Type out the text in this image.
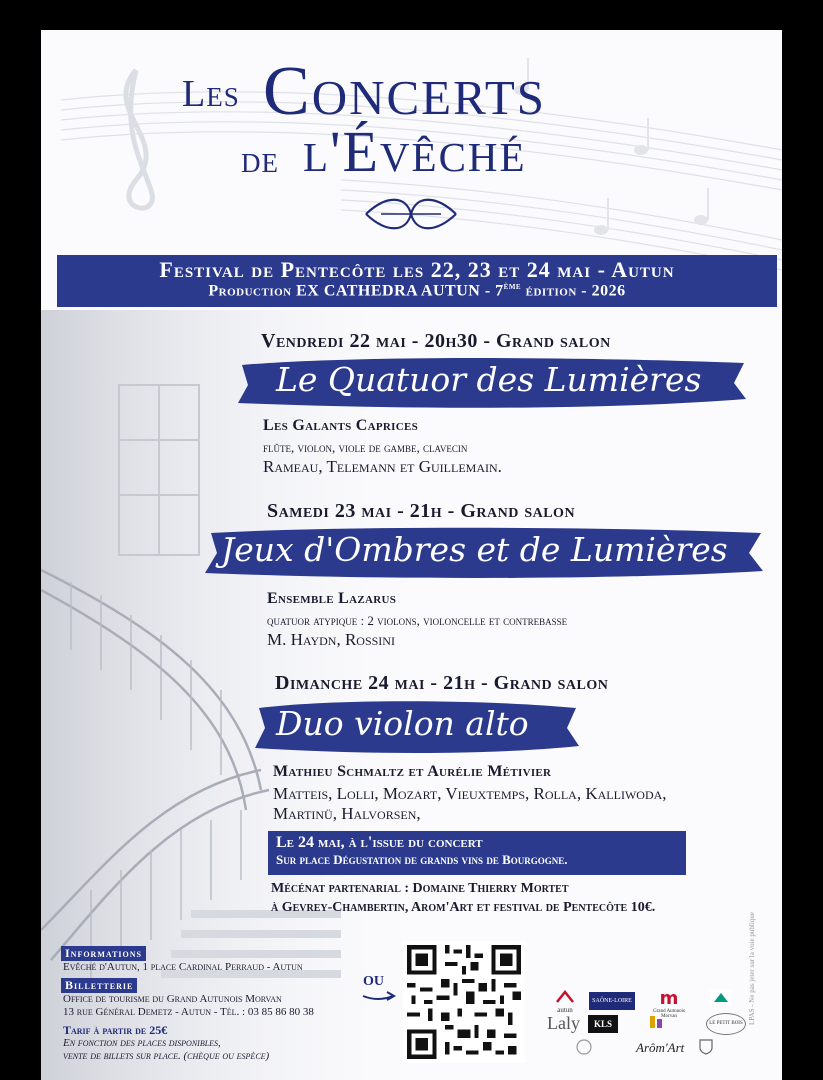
Les Concerts
de l'Évêché
Festival de Pentecôte les 22, 23 et 24 mai - Autun
Production EX CATHEDRA AUTUN - 7ème édition - 2026
Vendredi 22 mai - 20h30 - Grand salon
Le Quatuor des Lumières
Les Galants Caprices
flûte, violon, viole de gambe, clavecin
Rameau, Telemann et Guillemain.
Samedi 23 mai - 21h - Grand salon
Jeux d'Ombres et de Lumières
Ensemble Lazarus
quatuor atypique : 2 violons, violoncelle et contrebasse
M. Haydn, Rossini
Dimanche 24 mai - 21h - Grand salon
Duo violon alto
Mathieu Schmaltz et Aurélie Métivier
Matteis, Lolli, Mozart, Vieuxtemps, Rolla, Kalliwoda,
Martinü, Halvorsen,
Le 24 mai, à l'issue du concert
Sur place Dégustation de grands vins de Bourgogne.
Mécénat partenarial : Domaine Thierry Mortet
à Gevrey-Chambertin, Arom'Art et festival de Pentecôte 10€.
Informations
Evêché d'Autun, 1 place Cardinal Perraud - Autun
Billetterie
Office de tourisme du Grand Autunois Morvan
13 rue Général Demetz - Autun - Tél. : 03 85 86 80 38
Tarif à partir de 25€
En fonction des places disponibles,
vente de billets sur place. (chèque ou espèce)
OU
autun
SAÔNE-LOIRE	m
Grand Autunois Morvan
Laly	KLS	LE PETIT BOIS
Arôm'Art
LPAS - Ne pas jeter sur la voie publique
